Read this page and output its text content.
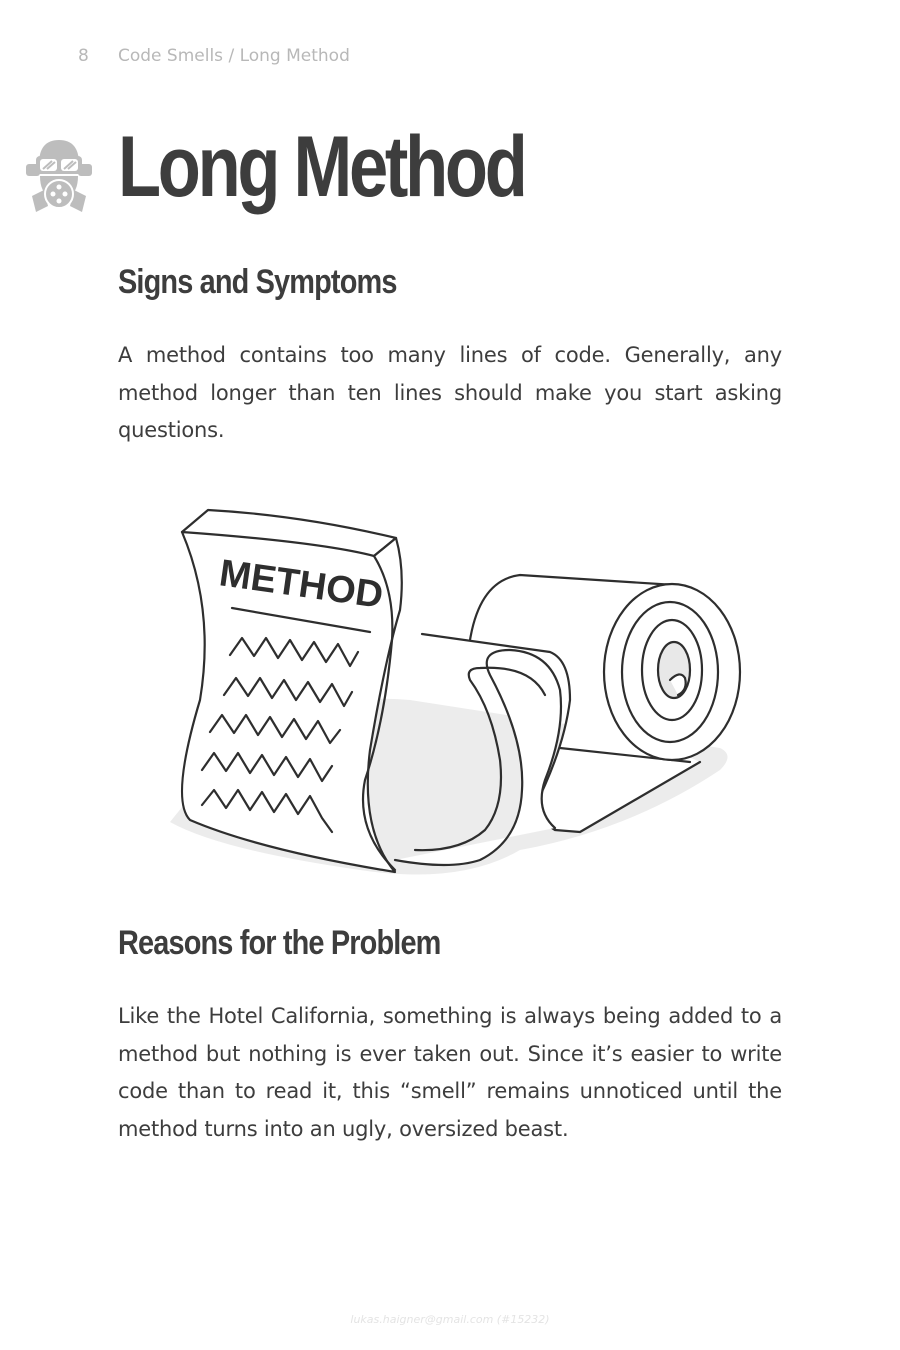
8 Code Smells / Long Method
Long Method
Signs and Symptoms

A method contains too many lines of code. Generally, any method longer than ten lines should make you start asking questions.

METHOD
Reasons for the Problem

Like the Hotel California, something is always being added to a method but nothing is ever taken out. Since it’s easier to write code than to read it, this “smell” remains unnoticed until the method turns into an ugly, oversized beast.

lukas.haigner@gmail.com (#15232)
